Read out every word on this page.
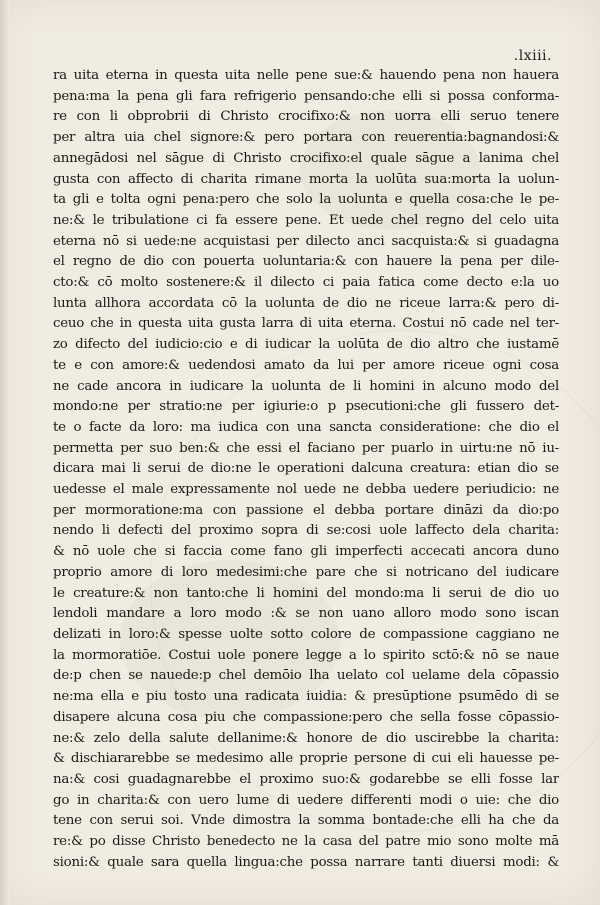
.lxiii.
ra uita eterna in questa uita nelle pene sue:& hauendo pena non hauera
pena:ma la pena gli fara refrigerio pensando:che elli si possa conforma-
re con li obprobrii di Christo crocifixo:& non uorra elli seruo tenere
per altra uia chel signore:& pero portara con reuerentia:bagnandosi:&
annegādosi nel sāgue di Christo crocifixo:el quale sāgue a lanima chel
gusta con affecto di charita rimane morta la uolūta sua:morta la uolun-
ta gli e tolta ogni pena:pero che solo la uolunta e quella cosa:che le pe-
ne:& le tribulatione ci fa essere pene. Et uede chel regno del celo uita
eterna nō si uede:ne acquistasi per dilecto anci sacquista:& si guadagna
el regno de dio con pouerta uoluntaria:& con hauere la pena per dile-
cto:& cō molto sostenere:& il dilecto ci paia fatica come decto e:la uo
lunta allhora accordata cō la uolunta de dio ne riceue larra:& pero di-
ceuo che in questa uita gusta larra di uita eterna. Costui nō cade nel ter-
zo difecto del iudicio:cio e di iudicar la uolūta de dio altro che iustamē
te e con amore:& uedendosi amato da lui per amore riceue ogni cosa
ne cade ancora in iudicare la uolunta de li homini in alcuno modo del
mondo:ne per stratio:ne per igiurie:o p psecutioni:che gli fussero det-
te o facte da loro: ma iudica con una sancta consideratione: che dio el
permetta per suo ben:& che essi el faciano per puarlo in uirtu:ne nō iu-
dicara mai li serui de dio:ne le operationi dalcuna creatura: etian dio se
uedesse el male expressamente nol uede ne debba uedere periudicio: ne
per mormoratione:ma con passione el debba portare dināzi da dio:po
nendo li defecti del proximo sopra di se:cosi uole laffecto dela charita:
& nō uole che si faccia come fano gli imperfecti accecati ancora duno
proprio amore di loro medesimi:che pare che si notricano del iudicare
le creature:& non tanto:che li homini del mondo:ma li serui de dio uo
lendoli mandare a loro modo :& se non uano alloro modo sono iscan
delizati in loro:& spesse uolte sotto colore de compassione caggiano ne
la mormoratiōe. Costui uole ponere legge a lo spirito sctō:& nō se naue
de:p chen se nauede:p chel demōio lha uelato col uelame dela cōpassio
ne:ma ella e piu tosto una radicata iuidia: & presūptione psumēdo di se
disapere alcuna cosa piu che compassione:pero che sella fosse cōpassio-
ne:& zelo della salute dellanime:& honore de dio uscirebbe la charita:
& dischiararebbe se medesimo alle proprie persone di cui eli hauesse pe-
na:& cosi guadagnarebbe el proximo suo:& godarebbe se elli fosse lar
go in charita:& con uero lume di uedere differenti modi o uie: che dio
tene con serui soi. Vnde dimostra la somma bontade:che elli ha che da
re:& po disse Christo benedecto ne la casa del patre mio sono molte mā
sioni:& quale sara quella lingua:che possa narrare tanti diuersi modi: &
